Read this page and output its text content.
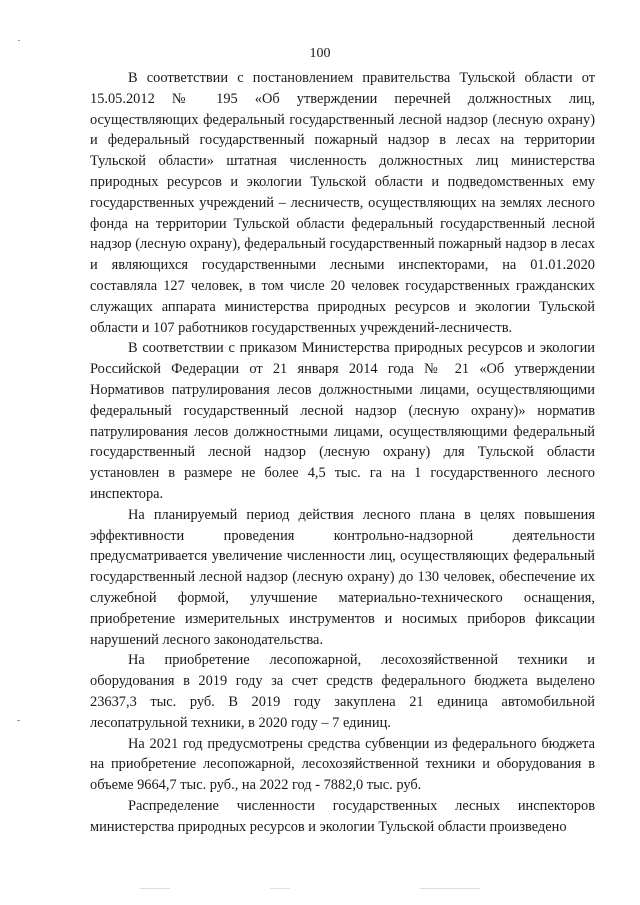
100

В соответствии с постановлением правительства Тульской области от 15.05.2012 № 195 «Об утверждении перечней должностных лиц, осуществляющих федеральный государственный лесной надзор (лесную охрану) и федеральный государственный пожарный надзор в лесах на территории Тульской области» штатная численность должностных лиц министерства природных ресурсов и экологии Тульской области и подведомственных ему государственных учреждений – лесничеств, осуществляющих на землях лесного фонда на территории Тульской области федеральный государственный лесной надзор (лесную охрану), федеральный государственный пожарный надзор в лесах и являющихся государственными лесными инспекторами, на 01.01.2020 составляла 127 человек, в том числе 20 человек государственных гражданских служащих аппарата министерства природных ресурсов и экологии Тульской области и 107 работников государственных учреждений-лесничеств.

В соответствии с приказом Министерства природных ресурсов и экологии Российской Федерации от 21 января 2014 года № 21 «Об утверждении Нормативов патрулирования лесов должностными лицами, осуществляющими федеральный государственный лесной надзор (лесную охрану)» норматив патрулирования лесов должностными лицами, осуществляющими федеральный государственный лесной надзор (лесную охрану) для Тульской области установлен в размере не более 4,5 тыс. га на 1 государственного лесного инспектора.

На планируемый период действия лесного плана в целях повышения эффективности проведения контрольно-надзорной деятельности предусматривается увеличение численности лиц, осуществляющих федеральный государственный лесной надзор (лесную охрану) до 130 человек, обеспечение их служебной формой, улучшение материально-технического оснащения, приобретение измерительных инструментов и носимых приборов фиксации нарушений лесного законодательства.

На приобретение лесопожарной, лесохозяйственной техники и оборудования в 2019 году за счет средств федерального бюджета выделено 23637,3 тыс. руб. В 2019 году закуплена 21 единица автомобильной лесопатрульной техники, в 2020 году – 7 единиц.

На 2021 год предусмотрены средства субвенции из федерального бюджета на приобретение лесопожарной, лесохозяйственной техники и оборудования в объеме 9664,7 тыс. руб., на 2022 год - 7882,0 тыс. руб.

Распределение численности государственных лесных инспекторов министерства природных ресурсов и экологии Тульской области произведено
